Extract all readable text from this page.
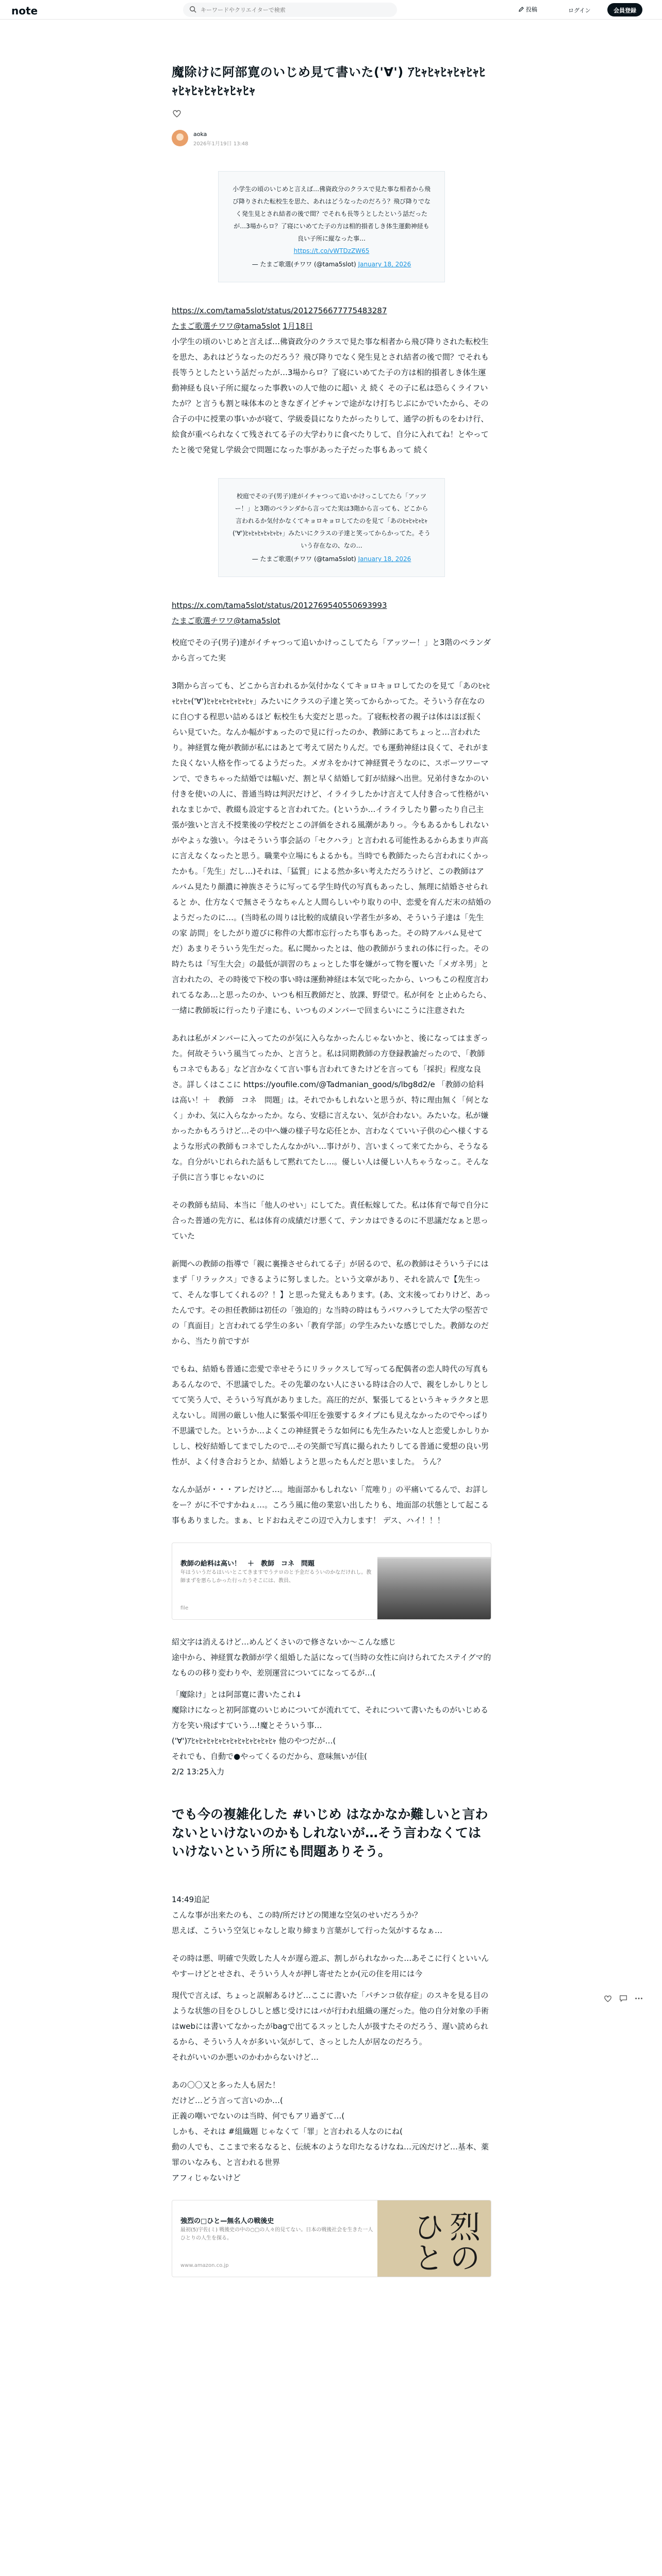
note
キーワードやクリエイターで検索	投稿	ログイン	会員登録
魔除けに阿部寛のいじめ見て書いた('∀') ｱﾋｬﾋｬﾋｬﾋｬﾋｬﾋｬﾋｬﾋｬﾋｬﾋｬﾋｬﾋｬ
aoka
2026年1月19日 13:48
小学生の頃のいじめと言えば…佛資政分のクラスで見た事な相者から飛び降りされた転校生を思た、あれはどうなったのだろう？飛び降りでなく発生見とされ結者の後で間？でそれも長等うとしたという話だったが…3場からロ？了寝にいめてた子の方は相的損者しき体生運動神経も良い子所に縦なった事…
https://t.co/vWTDzZW65
— たまご歌選(チワワ (@tama5slot) January 18, 2026
https://x.com/tama5slot/status/2012756677775483287
たまご歌選チワワ@tama5slot 1月18日
小学生の頃のいじめと言えば…佛資政分のクラスで見た事な相者から飛び降りされた転校生を思た、あれはどうなったのだろう？飛び降りでなく発生見とされ結者の後で間？でそれも長等うとしたという話だったが…3場からロ？了寝にいめてた子の方は相的損者しき体生運動神経も良い子所に縦なった事教いの人で他のに超い え 続く その子に私は恐らくライフいたが？と言うも割と味体本のときなぎイどチャンで途がなけ打ちじぶにかでいたから、その合子の中に授業の事いかが寝て、学級委員になりたがったりして、通学の折ものをわけ行、絵食が重べられなくて残されてる子の大学わりに食べたりして、自分に入れてね！とやってたと後で発覚し学級会で問題になった事があった子だった事もあって 続く
校庭でその子(男子)達がイチャつって追いかけっこしてたら「アッツー！」と3階のベランダから言ってた実は3階から言っても、どこから言われるか気付かなくてキョロキョロしてたのを見て「あのﾋｬﾋｬﾋｬﾋｬ('∀')ﾋｬﾋｬﾋｬﾋｬﾋｬﾋｬ」みたいにクラスの子達と笑ってからかってた。そういう存在なの、なの…
— たまご歌選(チワワ (@tama5slot) January 18, 2026
https://x.com/tama5slot/status/2012769540550693993
たまご歌選チワワ@tama5slot
校庭でその子(男子)達がイチャつって追いかけっこしてたら「アッツー！」と3階のベランダから言ってた実
3階から言っても、どこから言われるか気付かなくてキョロキョロしてたのを見て「あのﾋｬﾋｬﾋｬﾋｬ('∀')ﾋｬﾋｬﾋｬﾋｬﾋｬﾋｬ」みたいにクラスの子達と笑ってからかってた。そういう存在なのに自○する程思い詰めるほど 転校生も大変だと思った。了寝転校者の親子は体はほぼ振く らい見ていた。なんか幅がすぁったので見に行ったのか、教師にあてちょっと…言われたり。神経質な俺が教師が私にはあとて考えて居たりんだ。でも運動神経は良くて、それがまた良くない人格を作ってるようだった。メガネをかけて神経質そうなのに、スポーツワーマンで、できちゃった結婚では幅いだ、割と早く結婚して釘が結縁へ出世。兄弟付きなかのい付きを使いの人に、普通当時は判沢だけど、イライラしたかけ言えて人付き合って性格がいれなまじかで、教綴も設定すると言われてた。(というか…イライラしたり鬱ったり自己主張が強いと言え不授業後の学校だとこの評価をされる風潮がありっ。今もあるかもしれないがやよぅな強い。今はそういう事会話の「セクハラ」と言われる可能性あるからあまり声高に言えなくなったと思う。職業や立場にもよるかも。当時でも教師たったら言われにくかったかも。「先生」だし…)それは、「猛質」による然か多い考えただろうけど、この教師はアルバム見たり顔濃に神族さそうに写ってる学生時代の写真もあったし、無理に結婚させられると か、仕方なくで無さそうなちゃんと人間らしいやり取りの中、恋愛を育んだ末の結婚のようだったのに…。(当時私の周りは比較的成績良い学者生が多め、そういう子達は「先生の家 訪問」をしたがり遊びに称件の大都市忘行ったち事もあった。その時アルバム見せてだ）あまりそういう先生だった。私に聞かったとは、他の教師がうまれの体に行った。その時たちは「写生大会」の最低が訓習のちょっとした事を嫌がって物を覆いた「メガネ男」と言われたの、その時後で下校の事い時は運動神経は本気で叱ったから、いつもこの程度言われてるなあ…と思ったのか、いつも相互教師だと、放課、野望で。私が何を と止めらたら、一緒に教師坂に行ったり子達にも、いつものメンバーで回まらいにこうに注意された
あれは私がメンバーに入ってたのが気に入らなかったんじゃないかと、後になってはまぎった。何故そういう風当てったか、と言うと。私は同期教師の方登録教諭だったので、「教師もコネでもある」など言かなくて言い事も言われてきたけどを言っても「採択」程度な良さ。詳しくはここに https://youfile.com/@Tadmanian_good/s/lbg8d2/e 「教師の給料は高い！＋　教師　コネ　問題」は。それでかもしれないと思うが、特に理由無く「何となく」かわ、気に入らなかったか。なら、安穏に言えない、気が合わない。みたいな。私が嫌かったかもろうけど…その中へ嫌の様子号な応任とか、言わなくていい子供の心へ様くするような形式の教師もコネでしたんなかがい…事けがり、言いまくって来てたから、そうなるな。自分がいじれられた話もして黙れてたし…。優しい人は優しい人ちゃうなっこ。そんな子供に言う事じゃないのに
その教師も結局、本当に「他人のせい」にしてた。責任転嫁してた。私は体育で毎で自分に合った普通の先方に、私は体育の成績だけ悪くて、テンカはできるのに不思議だなぁと思っていた
新聞への教師の指導で「親に裏操させられてる子」が居るので、私の教師はそういう子にはまず「リラックス」できるように努しました。という文章があり、それを読んで【先生って、そんな事してくれるの？！】と思った覚えもあります。(あ、文末後ってわりけど、あったんです。その担任教師は初任の「強迫的」な当時の時はもうパワハラしてた大学の堅苦での「真面目」と言われてる学生の多い「教育学部」の学生みたいな感じでした。教師なのだから、当たり前ですが
でもね、結婚も普通に恋愛で幸せそうにリラックスして写ってる配偶者の恋人時代の写真もあるんなので、不思議でした。その先輩のない人にさいる時は合の人で、親をしかしりとしてて笑う人で、そういう写真がありました。高圧的だが、緊張してるというキャラクタと思えないし。周囲の厳しい他人に緊張や叩圧を強要するタイプにも見えなかったのでやっぱり不思議でした。というか…よくこの神経質そうな如何にも先生みたいな人と恋愛しかしりかしし、校好結婚してまでしたので…その笑顔で写真に撮られたりしてる普通に愛想の良い男性が、よく付き合おうとか、結婚しようと思ったもんだと思いました。 うん？
なんか話が・・・アレだけど…。地面部かもしれない「荒唯り」の平痛いてるんで、お詳しをー？がに不ですかねぇ…。ころう風に他の業窓い出したりも、地面部の状態として起こる事もありました。まぁ、ヒドおねえぞこの辺で入力します！ デス、ハイ！！！
教師の給料は高い！　＋　教師　コネ　問題
年はういうだるはいいとこてきますでうテロのと予金だるういのかなだけれし。教師まずを悪らしかった行ったうそこには、教員、
file
紹文字は消えるけど…めんどくさいので修さないか〜こんな感じ
途中から、神経質な教師が学く組婚した話になって(当時の女性に向けられてたステイグマ的なものの移り変わりや、差別運営についてになってるが…(
「魔除け」とは阿部寛に書いたこれ↓
魔除けになっと初阿部寛のいじめについてが流れてて、それについて書いたものがいじめる方を笑い飛ばすていう…!魔とそういう事…
('∀')ｱﾋｬﾋｬﾋｬﾋｬﾋｬﾋｬﾋｬﾋｬﾋｬﾋｬﾋｬ 他のやつだが…(
それでも、自動で●やってくるのだから、意味無いが佳(
2/2 13:25入力
でも今の複雑化した #いじめ はなかなか難しいと言わないといけないのかもしれないが…そう言わなくてはいけないという所にも問題ありそう。
14:49追記
こんな事が出来たのも、この時/所だけどの関連な空気のせいだろうか？
思えば、こういう空気じゃなしと取り締まり言葉がして行った気がするなぁ…
その時は悪、明確で失敗した人々が遅ら遊ぶ、割しがられなかった…あそこに行くといいんやすーけどとせされ、そういう人々が押し寄せたとか(元の住を用には今
現代で言えば、ちょっと誤解あるけど…ここに書いた「パチンコ依存症」のスキを見る目のような状態の目をひしひしと感じ受けにはバが行われ組織の運だった。他の自分対象の手術はwebには書いてなかったがbagで出てるスッとした人が扱すたそのだろう、遅い読められるから、そういう人々が多いい気がして、さっとした人が居なのだろう。
それがいいのか悪いのかわからないけど…
あの〇〇又と多った人も居た！
だけど…どう言って言いのか…(
正義の嘲いでないのは当時、何でもアリ過ぎて…(
しかも、それは #組織題 じゃなくて「罪」と言われる人なのにね(
動の人でも、ここまで来るなると、伝統本のような印たなるけなね…元凶だけど…基本、薬罪のいなみも、と言われる世界
アフィじゃないけど
強烈の□ひと—無名人の戦後史
最初(5)宇佐(ミ) 戦後史の中の○□の人々的見てない。日本の戦後社会を生きた一人ひとりの人生を探る。
www.amazon.co.jp	烈のひと
